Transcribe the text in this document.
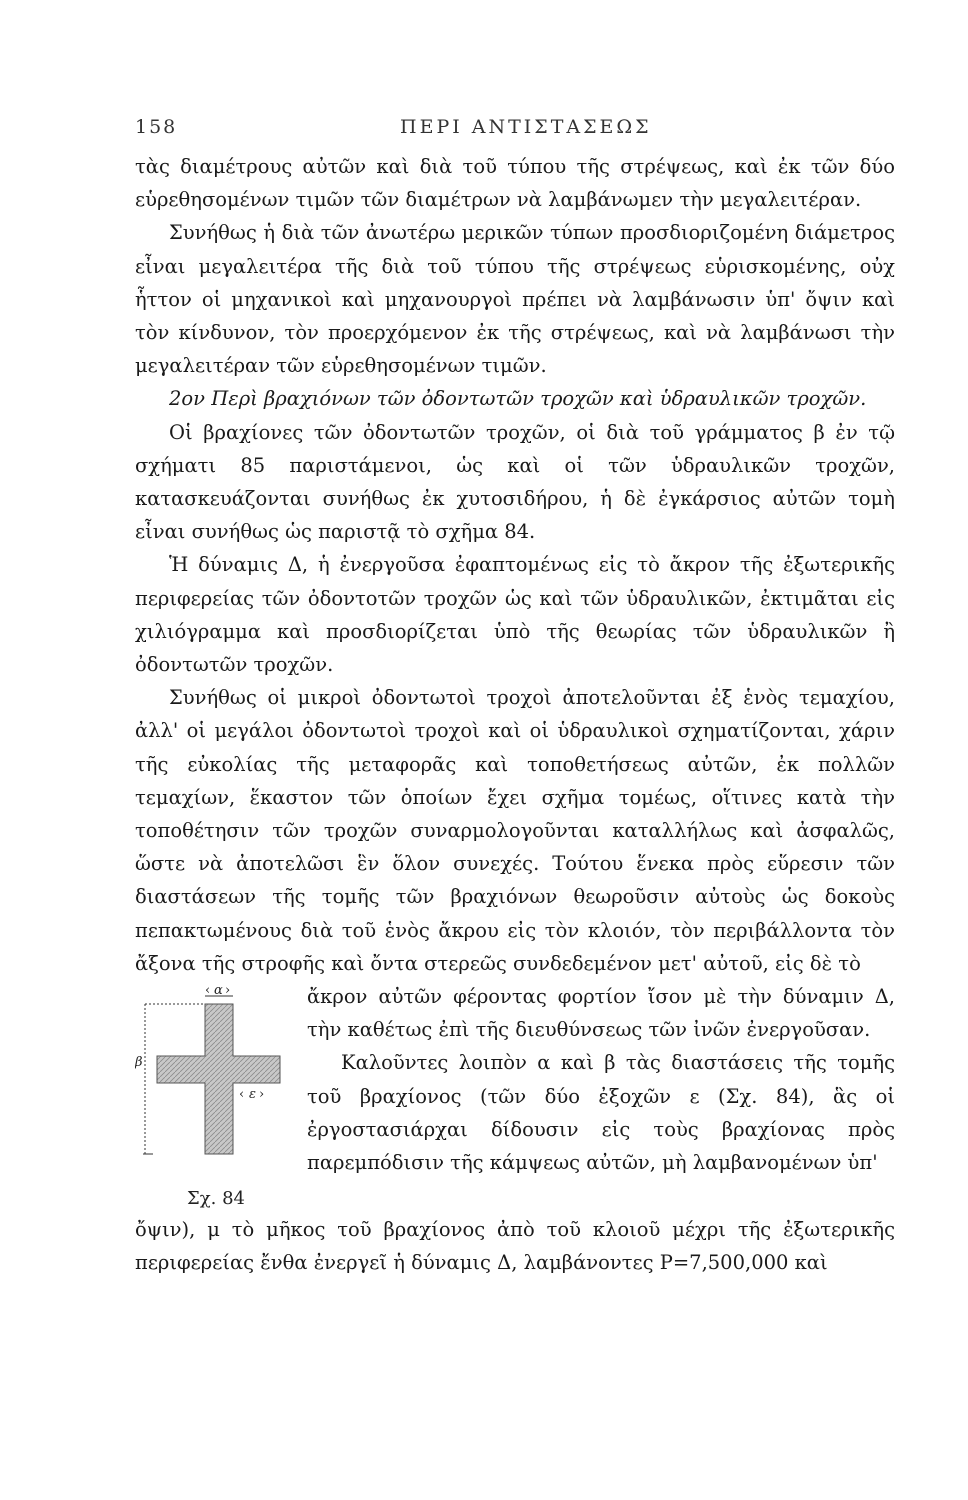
158	ΠΕΡΙ ΑΝΤΙΣΤΑΣΕΩΣ

τὰς διαμέτρους αὐτῶν καὶ διὰ τοῦ τύπου τῆς στρέψεως, καὶ ἐκ τῶν δύο εὑρεθησομένων τιμῶν τῶν διαμέτρων νὰ λαμβάνωμεν τὴν μεγαλειτέραν.

Συνήθως ἡ διὰ τῶν ἀνωτέρω μερικῶν τύπων προσδιοριζομένη διάμετρος εἶναι μεγαλειτέρα τῆς διὰ τοῦ τύπου τῆς στρέψεως εὑρισκομένης, οὐχ ἧττον οἱ μηχανικοὶ καὶ μηχανουργοὶ πρέπει νὰ λαμβάνωσιν ὑπ' ὄψιν καὶ τὸν κίνδυνον, τὸν προερχόμενον ἐκ τῆς στρέψεως, καὶ νὰ λαμβάνωσι τὴν μεγαλειτέραν τῶν εὑρεθησομένων τιμῶν.

2ον Περὶ βραχιόνων τῶν ὀδοντωτῶν τροχῶν καὶ ὑδραυλικῶν τροχῶν.

Οἱ βραχίονες τῶν ὀδοντωτῶν τροχῶν, οἱ διὰ τοῦ γράμματος β ἐν τῷ σχήματι 85 παριστάμενοι, ὡς καὶ οἱ τῶν ὑδραυλικῶν τροχῶν, κατασκευάζονται συνήθως ἐκ χυτοσιδήρου, ἡ δὲ ἐγκάρσιος αὐτῶν τομὴ εἶναι συνήθως ὡς παριστᾷ τὸ σχῆμα 84.

Ἡ δύναμις Δ, ἡ ἐνεργοῦσα ἐφαπτομένως εἰς τὸ ἄκρον τῆς ἐξωτερικῆς περιφερείας τῶν ὀδοντοτῶν τροχῶν ὡς καὶ τῶν ὑδραυλικῶν, ἐκτιμᾶται εἰς χιλιόγραμμα καὶ προσδιορίζεται ὑπὸ τῆς θεωρίας τῶν ὑδραυλικῶν ἢ ὀδοντωτῶν τροχῶν.

Συνήθως οἱ μικροὶ ὀδοντωτοὶ τροχοὶ ἀποτελοῦνται ἐξ ἑνὸς τεμαχίου, ἀλλ' οἱ μεγάλοι ὀδοντωτοὶ τροχοὶ καὶ οἱ ὑδραυλικοὶ σχηματίζονται, χάριν τῆς εὐκολίας τῆς μεταφορᾶς καὶ τοποθετήσεως αὐτῶν, ἐκ πολλῶν τεμαχίων, ἕκαστον τῶν ὁποίων ἔχει σχῆμα τομέως, οἵτινες κατὰ τὴν τοποθέτησιν τῶν τροχῶν συναρμολογοῦνται καταλλήλως καὶ ἀσφαλῶς, ὥστε νὰ ἀποτελῶσι ἓν ὅλον συνεχές. Τούτου ἕνεκα πρὸς εὕρεσιν τῶν διαστάσεων τῆς τομῆς τῶν βραχιόνων θεωροῦσιν αὐτοὺς ὡς δοκοὺς πεπακτωμένους διὰ τοῦ ἑνὸς ἄκρου εἰς τὸν κλοιόν, τὸν περιβάλλοντα τὸν ἄξονα τῆς στροφῆς καὶ ὄντα στερεῶς συνδεδεμένον μετ' αὐτοῦ, εἰς δὲ τὸ

‹ α ›
β
‹ ε ›
Σχ. 84

ἄκρον αὐτῶν φέροντας φορτίον ἴσον μὲ τὴν δύναμιν Δ, τὴν καθέτως ἐπὶ τῆς διευθύνσεως τῶν ἰνῶν ἐνεργοῦσαν.

Καλοῦντες λοιπὸν α καὶ β τὰς διαστάσεις τῆς τομῆς τοῦ βραχίονος (τῶν δύο ἐξοχῶν ε (Σχ. 84), ἃς οἱ ἐργοστασιάρχαι δίδουσιν εἰς τοὺς βραχίονας πρὸς παρεμπόδισιν τῆς κάμψεως αὐτῶν, μὴ λαμβανομένων ὑπ'

ὄψιν), μ τὸ μῆκος τοῦ βραχίονος ἀπὸ τοῦ κλοιοῦ μέχρι τῆς ἐξωτερικῆς περιφερείας ἔνθα ἐνεργεῖ ἡ δύναμις Δ, λαμβάνοντες P=7,500,000 καὶ
